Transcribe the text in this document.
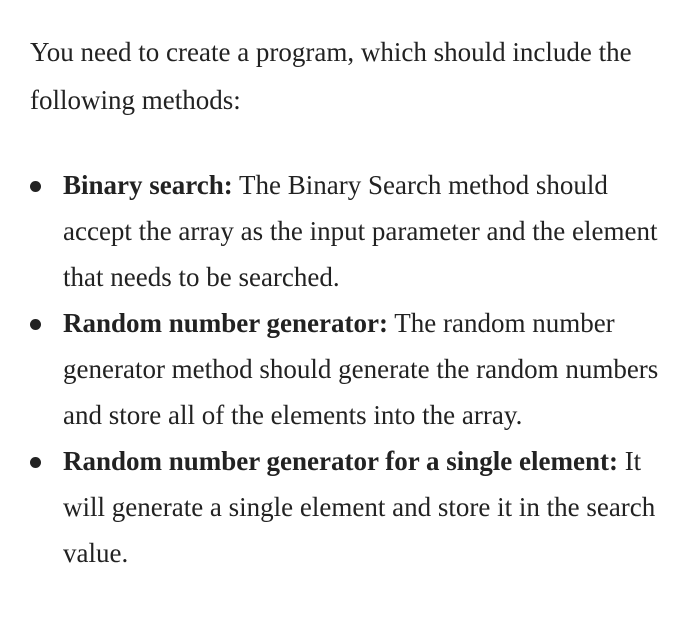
You need to create a program, which should include the following methods:

Binary search: The Binary Search method should accept the array as the input parameter and the element that needs to be searched.
Random number generator: The random number generator method should generate the random numbers and store all of the elements into the array.
Random number generator for a single element: It will generate a single element and store it in the search value.
